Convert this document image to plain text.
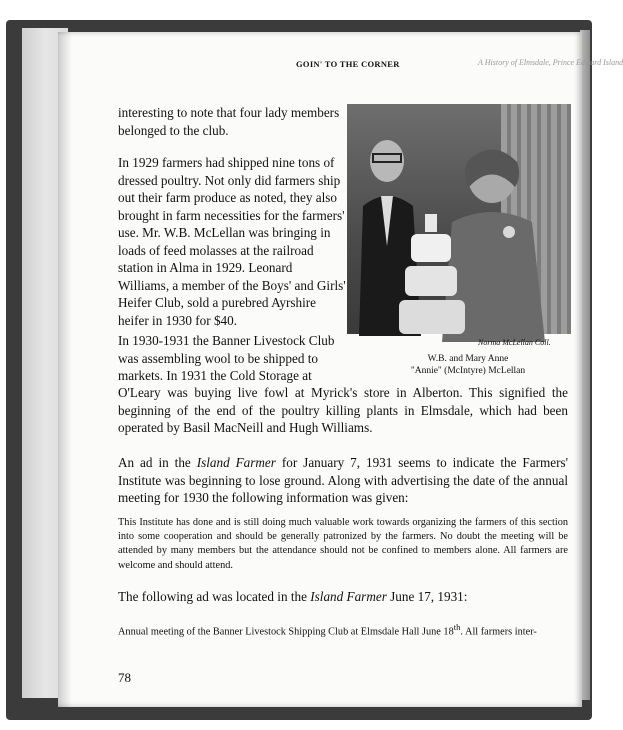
GOIN' TO THE CORNER	A History of Elmsdale, Prince Edward Island
interesting to note that four lady members belonged to the club.
In 1929 farmers had shipped nine tons of dressed poultry. Not only did farmers ship out their farm produce as noted, they also brought in farm necessities for the farmers' use. Mr. W.B. McLellan was bringing in loads of feed molasses at the railroad station in Alma in 1929. Leonard Williams, a member of the Boys' and Girls' Heifer Club, sold a purebred Ayrshire heifer in 1930 for $40.
In 1930-1931 the Banner Livestock Club was assembling wool to be shipped to markets. In 1931 the Cold Storage at
O'Leary was buying live fowl at Myrick's store in Alberton. This signified the beginning of the end of the poultry killing plants in Elmsdale, which had been operated by Basil MacNeill and Hugh Williams.
An ad in the Island Farmer for January 7, 1931 seems to indicate the Farmers' Institute was beginning to lose ground. Along with advertising the date of the annual meeting for 1930 the following information was given:
This Institute has done and is still doing much valuable work towards organizing the farmers of this section into some cooperation and should be generally patronized by the farmers. No doubt the meeting will be attended by many members but the attendance should not be confined to members alone. All farmers are welcome and should attend.
The following ad was located in the Island Farmer June 17, 1931:
Annual meeting of the Banner Livestock Shipping Club at Elmsdale Hall June 18th. All farmers inter-
Norma McLellan Coll.
W.B. and Mary Anne
"Annie" (McIntyre) McLellan
78
